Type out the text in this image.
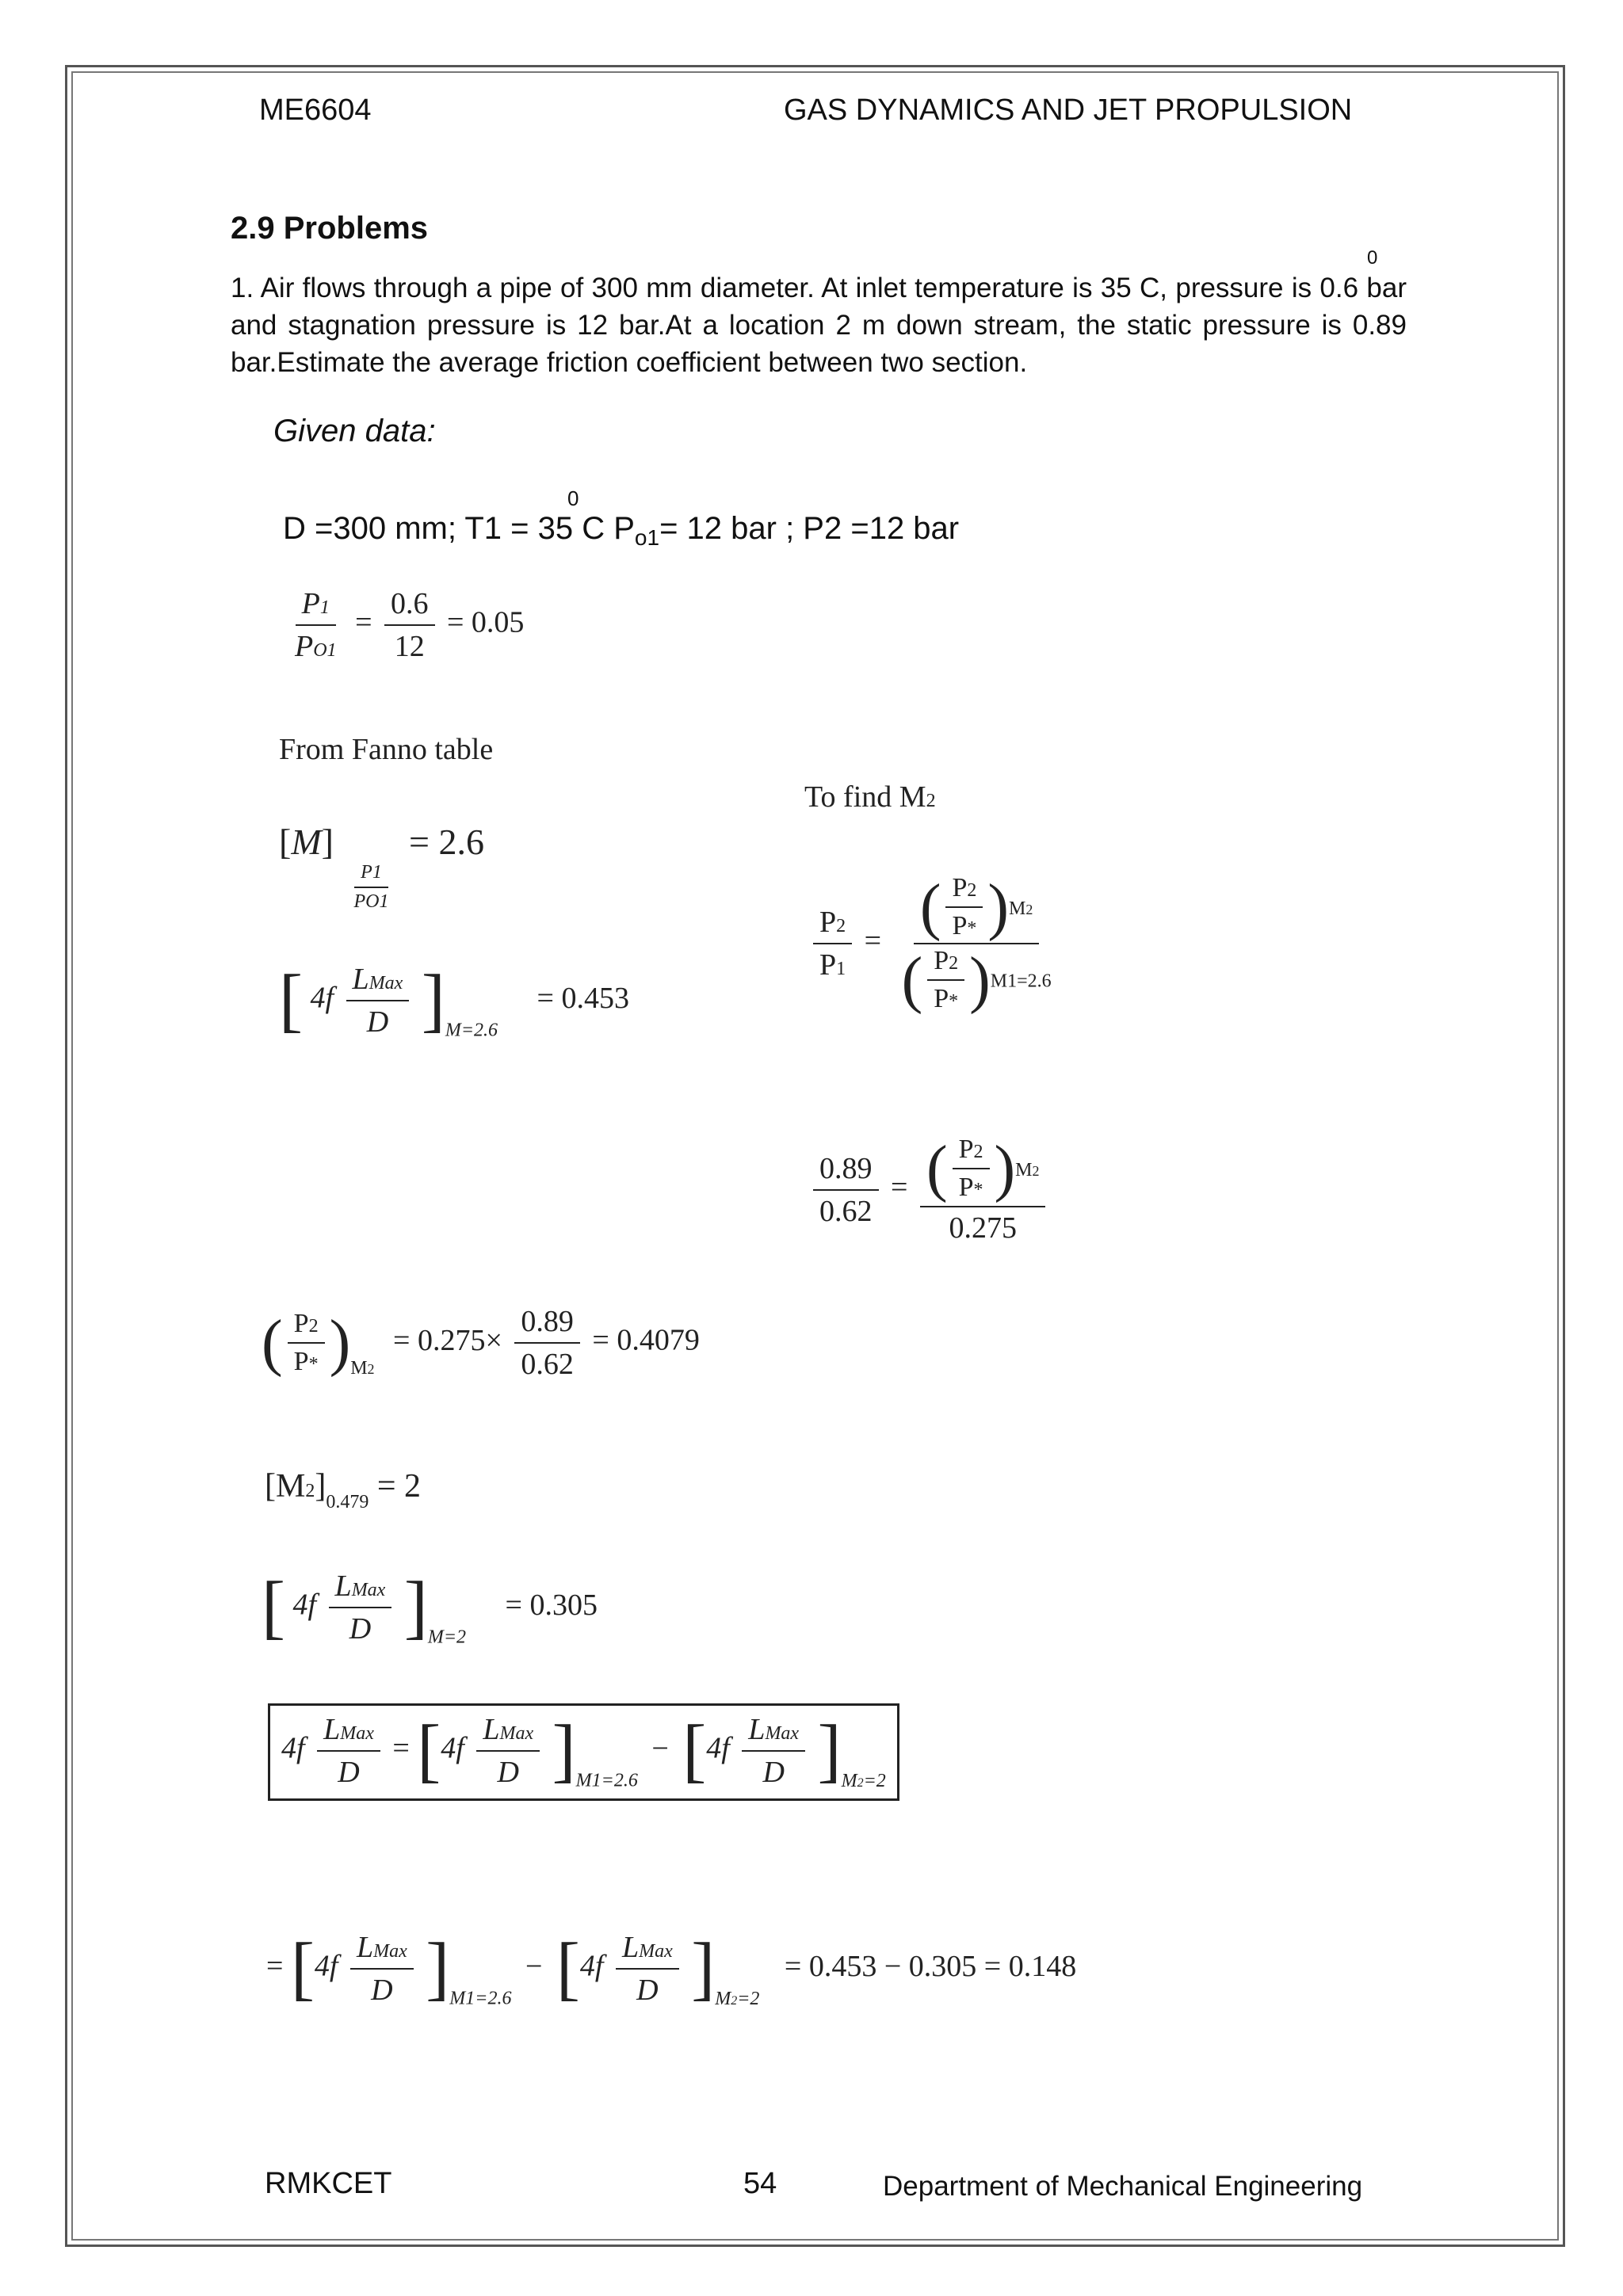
ME6604	GAS DYNAMICS AND JET PROPULSION
2.9 Problems
0
1. Air flows through a pipe of 300 mm diameter. At inlet temperature is 35 C, pressure is 0.6 bar and stagnation pressure is 12 bar.At a location 2 m down stream, the static pressure is 0.89 bar.Estimate the average friction coefficient between two section.
Given data:
0
D =300 mm; T1 = 35 C $P_{o1}= 12$ bar ; P2 =12 bar
$\frac{P1}{PO1} = \frac{0.6}{12} = 0.05$
From Fanno table
[M]
$\frac{P1}{PO1}$
= 2.6
[ $4f \frac{\text{LMax}}{D} ]_{M=2.6} = 0.453$
To find M2
$\frac{P2}{P1} = \frac{( \frac{P2}{P*} )M2}{( \frac{P2}{P*} )M1=2.6}$
$\frac{0.89}{0.62} = \frac{( \frac{P2}{P*} )M2}{0.275}$
( $\frac{P2}{P*} )_{M2} = 0.275\times \frac{0.89}{0.62} = 0.4079$
$[M2]_{0.479} = 2$
[ $4f \frac{\text{LMax}}{D} ]_{M=2} = 0.305$
$4f \frac{\text{LMax}}{D} = [4f \frac{\text{LMax}}{D} ]_{M1=2.6} - [4f \frac{\text{LMax}}{D} ]_{M2=2}$
= $[4f \frac{\text{LMax}}{D} ]_{M1=2.6} - [4f \frac{\text{LMax}}{D} ]_{M2=2} = 0.453 - 0.305 = 0.148$
RMKCET	54	Department of Mechanical Engineering
